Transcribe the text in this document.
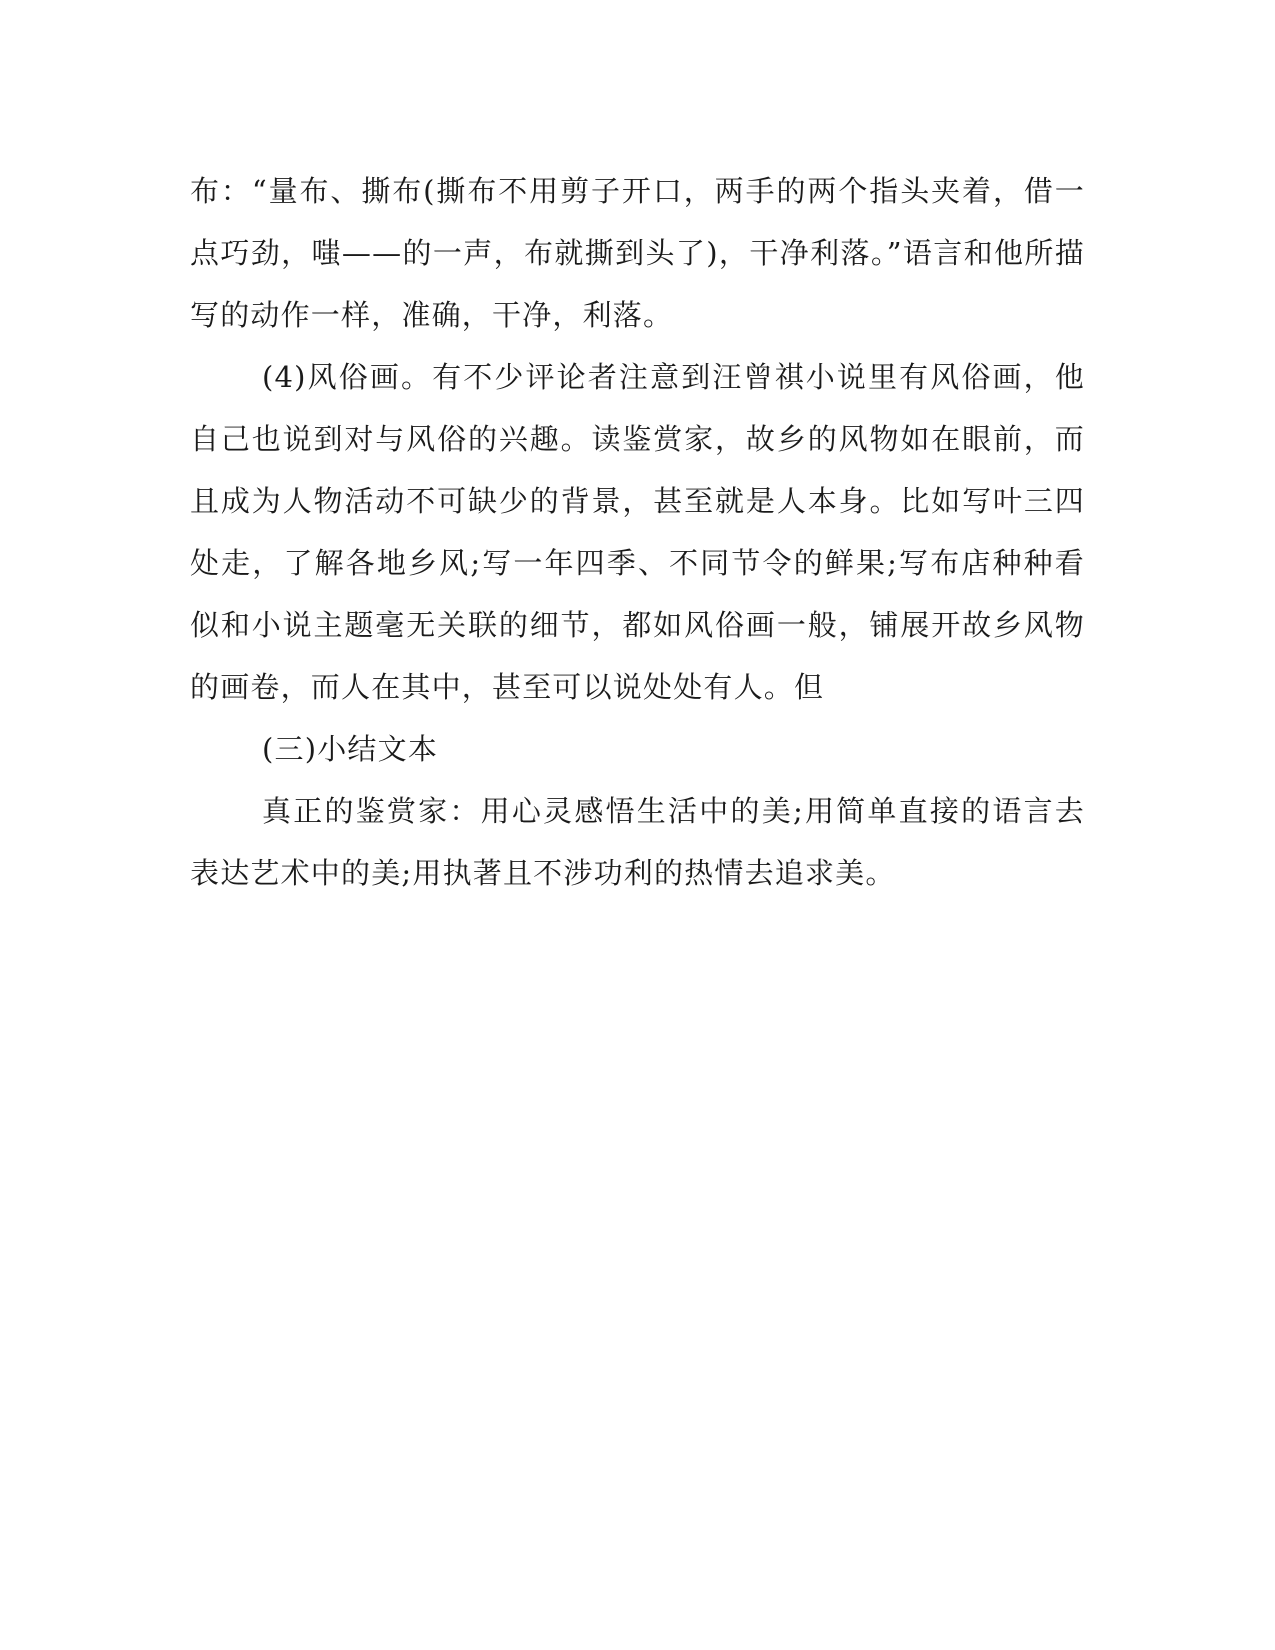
布：“量布、撕布(撕布不用剪子开口，两手的两个指头夹着，借一点巧劲，嗤——的一声，布就撕到头了)，干净利落。”语言和他所描写的动作一样，准确，干净，利落。

(4)风俗画。有不少评论者注意到汪曾祺小说里有风俗画，他自己也说到对与风俗的兴趣。读鉴赏家，故乡的风物如在眼前，而且成为人物活动不可缺少的背景，甚至就是人本身。比如写叶三四处走，了解各地乡风;写一年四季、不同节令的鲜果;写布店种种看似和小说主题毫无关联的细节，都如风俗画一般，铺展开故乡风物的画卷，而人在其中，甚至可以说处处有人。但

(三)小结文本

真正的鉴赏家：用心灵感悟生活中的美;用简单直接的语言去表达艺术中的美;用执著且不涉功利的热情去追求美。
